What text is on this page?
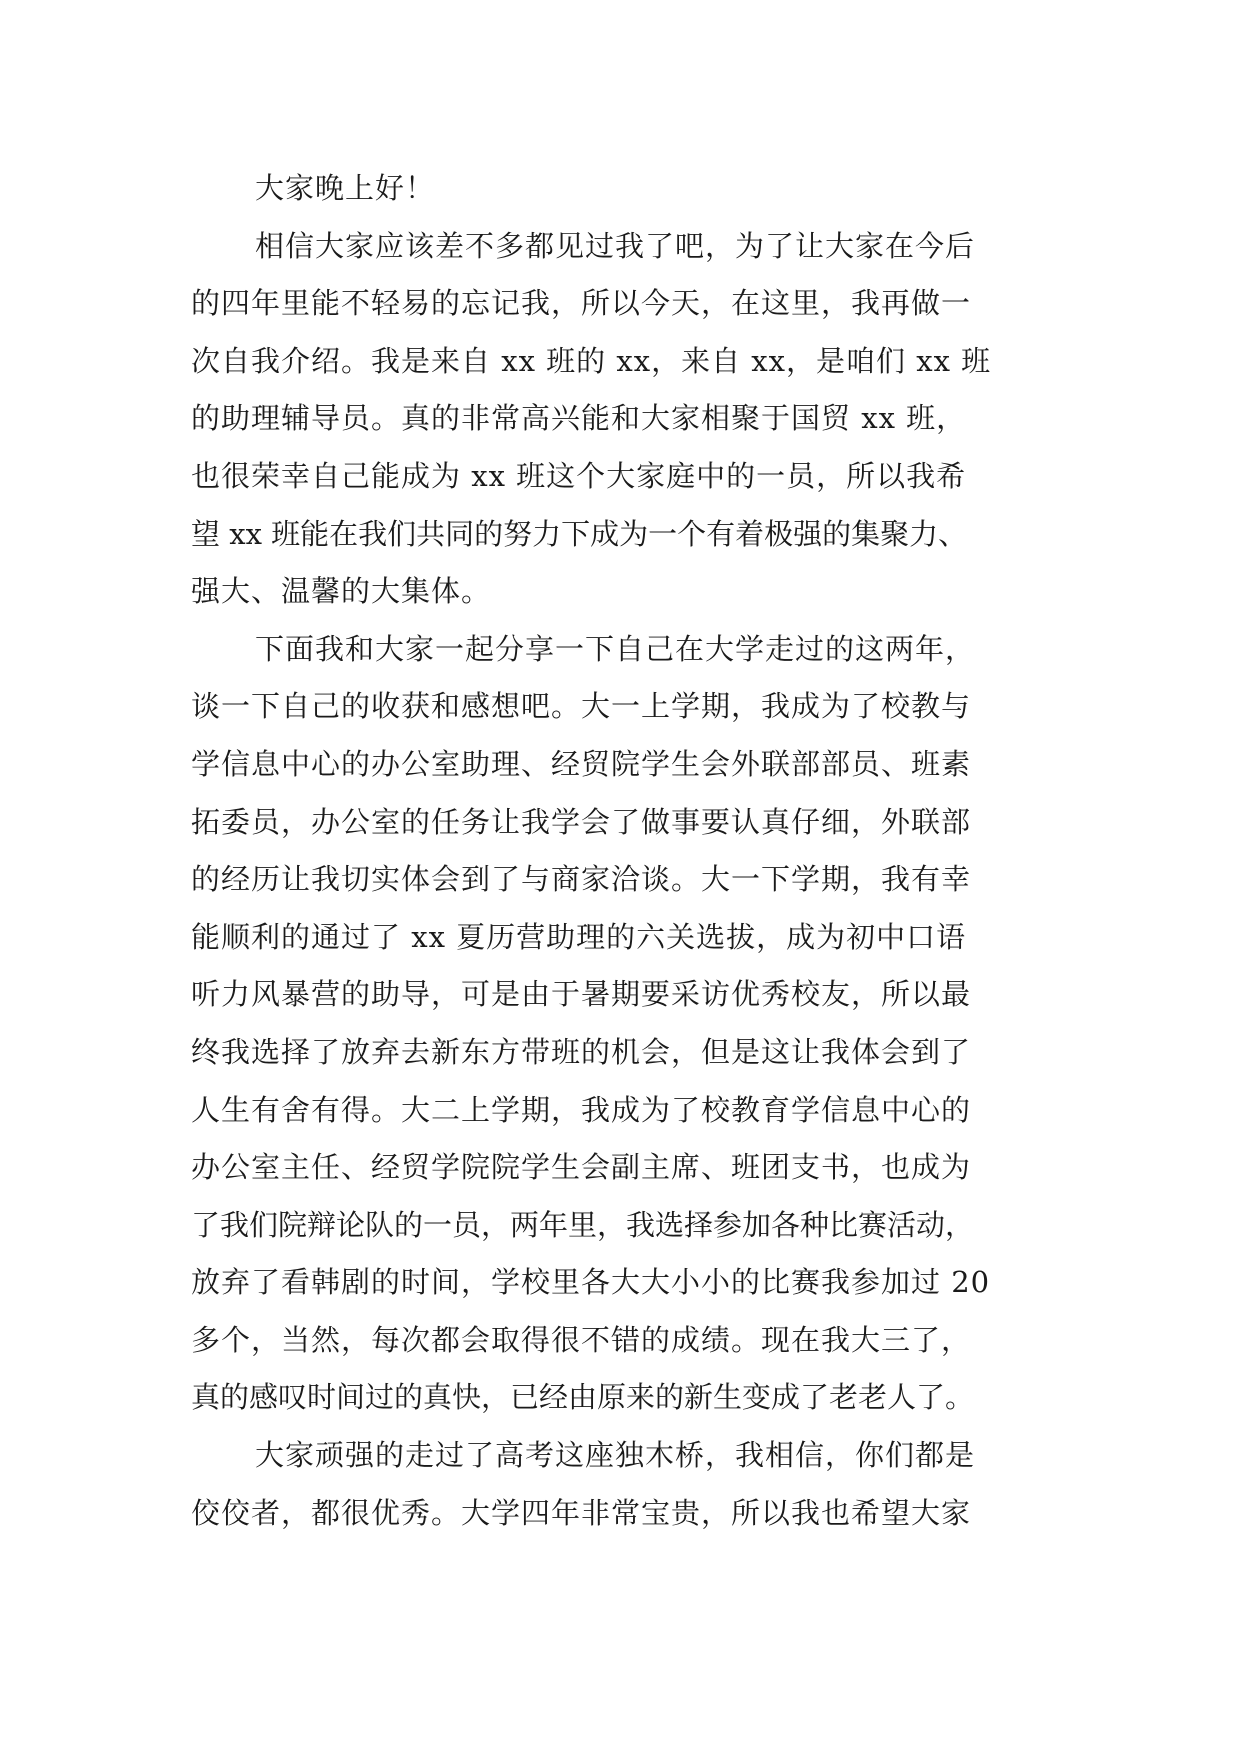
大家晚上好！
相信大家应该差不多都见过我了吧，为了让大家在今后
的四年里能不轻易的忘记我，所以今天，在这里，我再做一
次自我介绍。我是来自 xx 班的 xx，来自 xx，是咱们 xx 班
的助理辅导员。真的非常高兴能和大家相聚于国贸 xx 班，
也很荣幸自己能成为 xx 班这个大家庭中的一员，所以我希
望 xx 班能在我们共同的努力下成为一个有着极强的集聚力、
强大、温馨的大集体。
下面我和大家一起分享一下自己在大学走过的这两年，
谈一下自己的收获和感想吧。大一上学期，我成为了校教与
学信息中心的办公室助理、经贸院学生会外联部部员、班素
拓委员，办公室的任务让我学会了做事要认真仔细，外联部
的经历让我切实体会到了与商家洽谈。大一下学期，我有幸
能顺利的通过了 xx 夏历营助理的六关选拔，成为初中口语
听力风暴营的助导，可是由于暑期要采访优秀校友，所以最
终我选择了放弃去新东方带班的机会，但是这让我体会到了
人生有舍有得。大二上学期，我成为了校教育学信息中心的
办公室主任、经贸学院院学生会副主席、班团支书，也成为
了我们院辩论队的一员，两年里，我选择参加各种比赛活动，
放弃了看韩剧的时间，学校里各大大小小的比赛我参加过 20
多个，当然，每次都会取得很不错的成绩。现在我大三了，
真的感叹时间过的真快，已经由原来的新生变成了老老人了。
大家顽强的走过了高考这座独木桥，我相信，你们都是
佼佼者，都很优秀。大学四年非常宝贵，所以我也希望大家
